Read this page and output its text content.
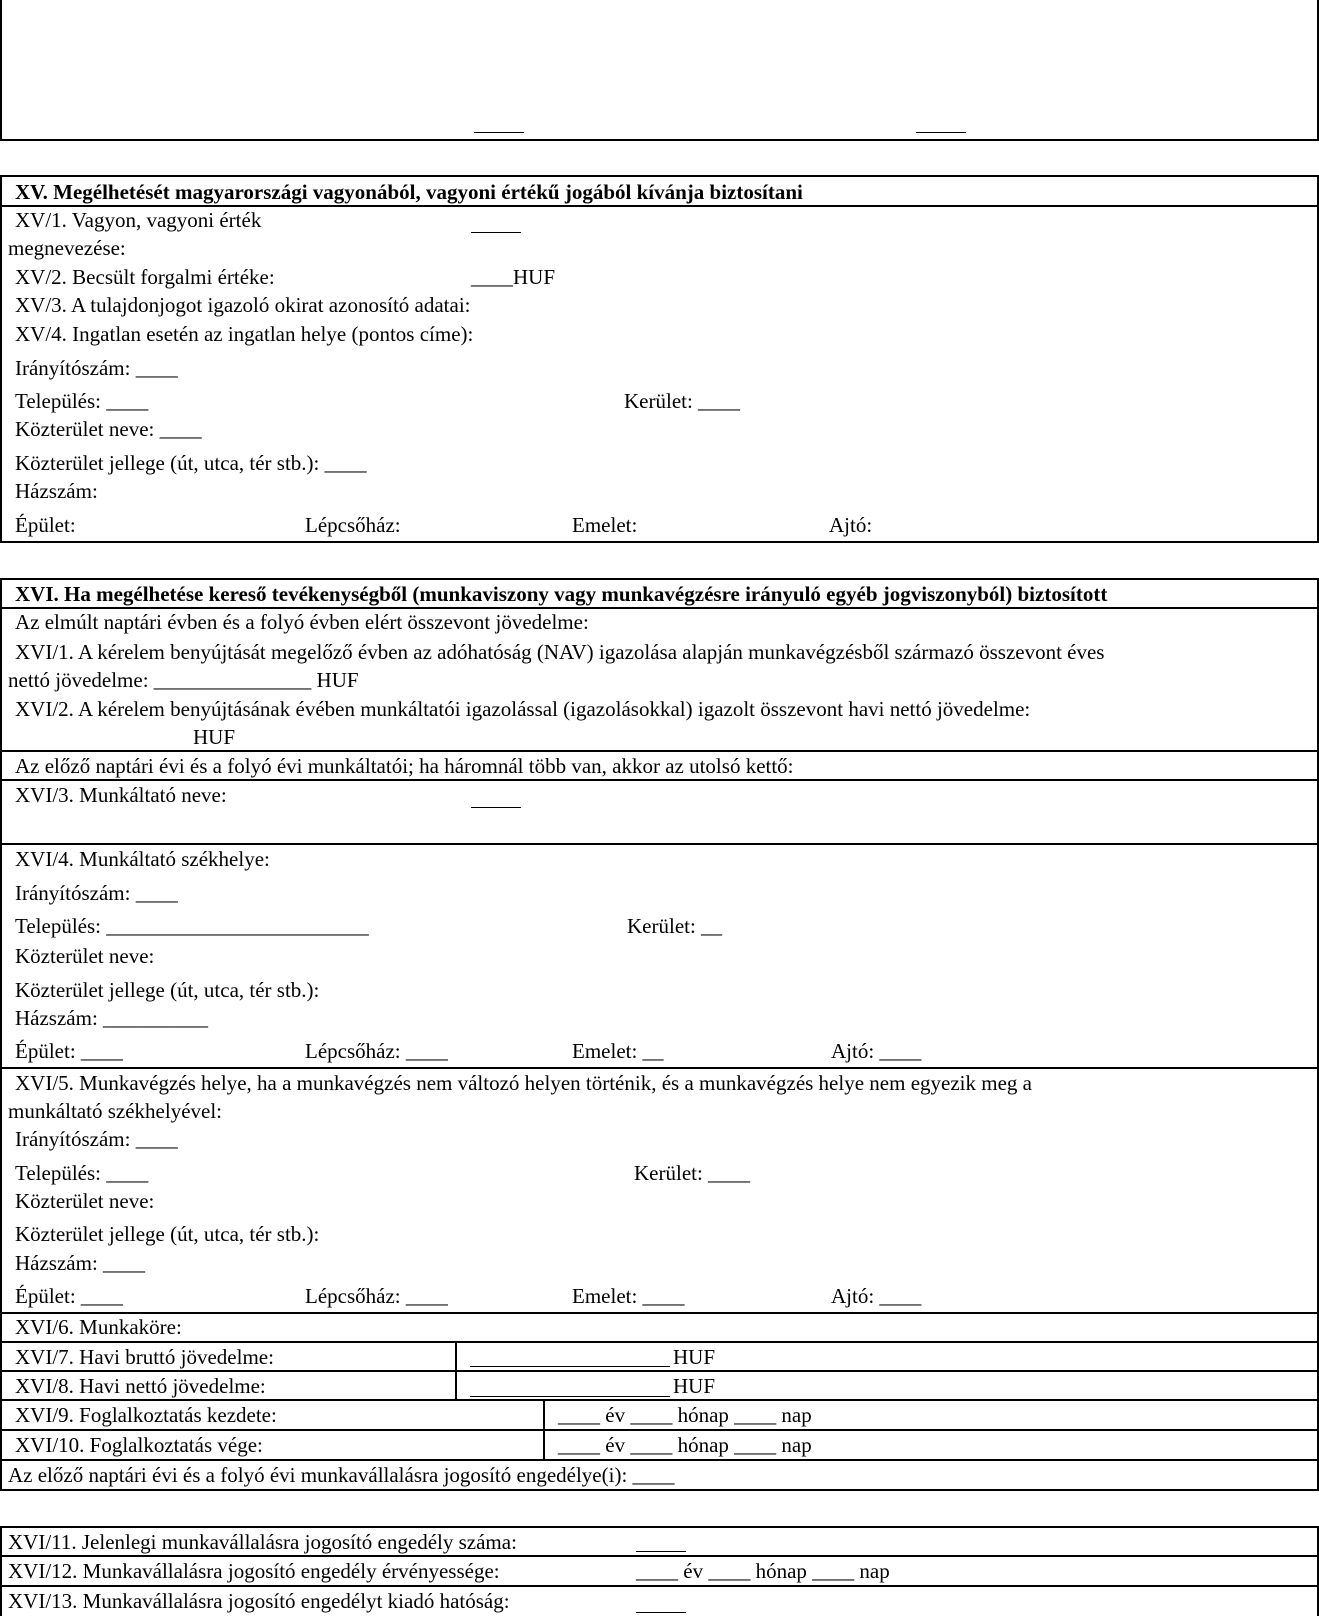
XV. Megélhetését magyarországi vagyonából, vagyoni értékű jogából kívánja biztosítani
XV/1. Vagyon, vagyoni érték
megnevezése:
XV/2. Becsült forgalmi értéke:	____HUF
XV/3. A tulajdonjogot igazoló okirat azonosító adatai:
XV/4. Ingatlan esetén az ingatlan helye (pontos címe):
Irányítószám: ____
Település: ____	Kerület: ____
Közterület neve: ____
Közterület jellege (út, utca, tér stb.): ____
Házszám:
Épület:	Lépcsőház:	Emelet:	Ajtó:
XVI. Ha megélhetése kereső tevékenységből (munkaviszony vagy munkavégzésre irányuló egyéb jogviszonyból) biztosított
Az elmúlt naptári évben és a folyó évben elért összevont jövedelme:
XVI/1. A kérelem benyújtását megelőző évben az adóhatóság (NAV) igazolása alapján munkavégzésből származó összevont éves
nettó jövedelme: _______________ HUF
XVI/2. A kérelem benyújtásának évében munkáltatói igazolással (igazolásokkal) igazolt összevont havi nettó jövedelme:
HUF
Az előző naptári évi és a folyó évi munkáltatói; ha háromnál több van, akkor az utolsó kettő:
XVI/3. Munkáltató neve:
XVI/4. Munkáltató székhelye:
Irányítószám: ____
Település: _________________________	Kerület: __
Közterület neve:
Közterület jellege (út, utca, tér stb.):
Házszám: __________
Épület: ____	Lépcsőház: ____	Emelet: __	Ajtó: ____
XVI/5. Munkavégzés helye, ha a munkavégzés nem változó helyen történik, és a munkavégzés helye nem egyezik meg a
munkáltató székhelyével:
Irányítószám: ____
Település: ____	Kerület: ____
Közterület neve:
Közterület jellege (út, utca, tér stb.):
Házszám: ____
Épület: ____	Lépcsőház: ____	Emelet: ____	Ajtó: ____
XVI/6. Munkaköre:
XVI/7. Havi bruttó jövedelme:	HUF
XVI/8. Havi nettó jövedelme:	HUF
XVI/9. Foglalkoztatás kezdete:	____ év ____ hónap ____ nap
XVI/10. Foglalkoztatás vége:	____ év ____ hónap ____ nap
Az előző naptári évi és a folyó évi munkavállalásra jogosító engedélye(i): ____
XVI/11. Jelenlegi munkavállalásra jogosító engedély száma:
XVI/12. Munkavállalásra jogosító engedély érvényessége:	____ év ____ hónap ____ nap
XVI/13. Munkavállalásra jogosító engedélyt kiadó hatóság:
